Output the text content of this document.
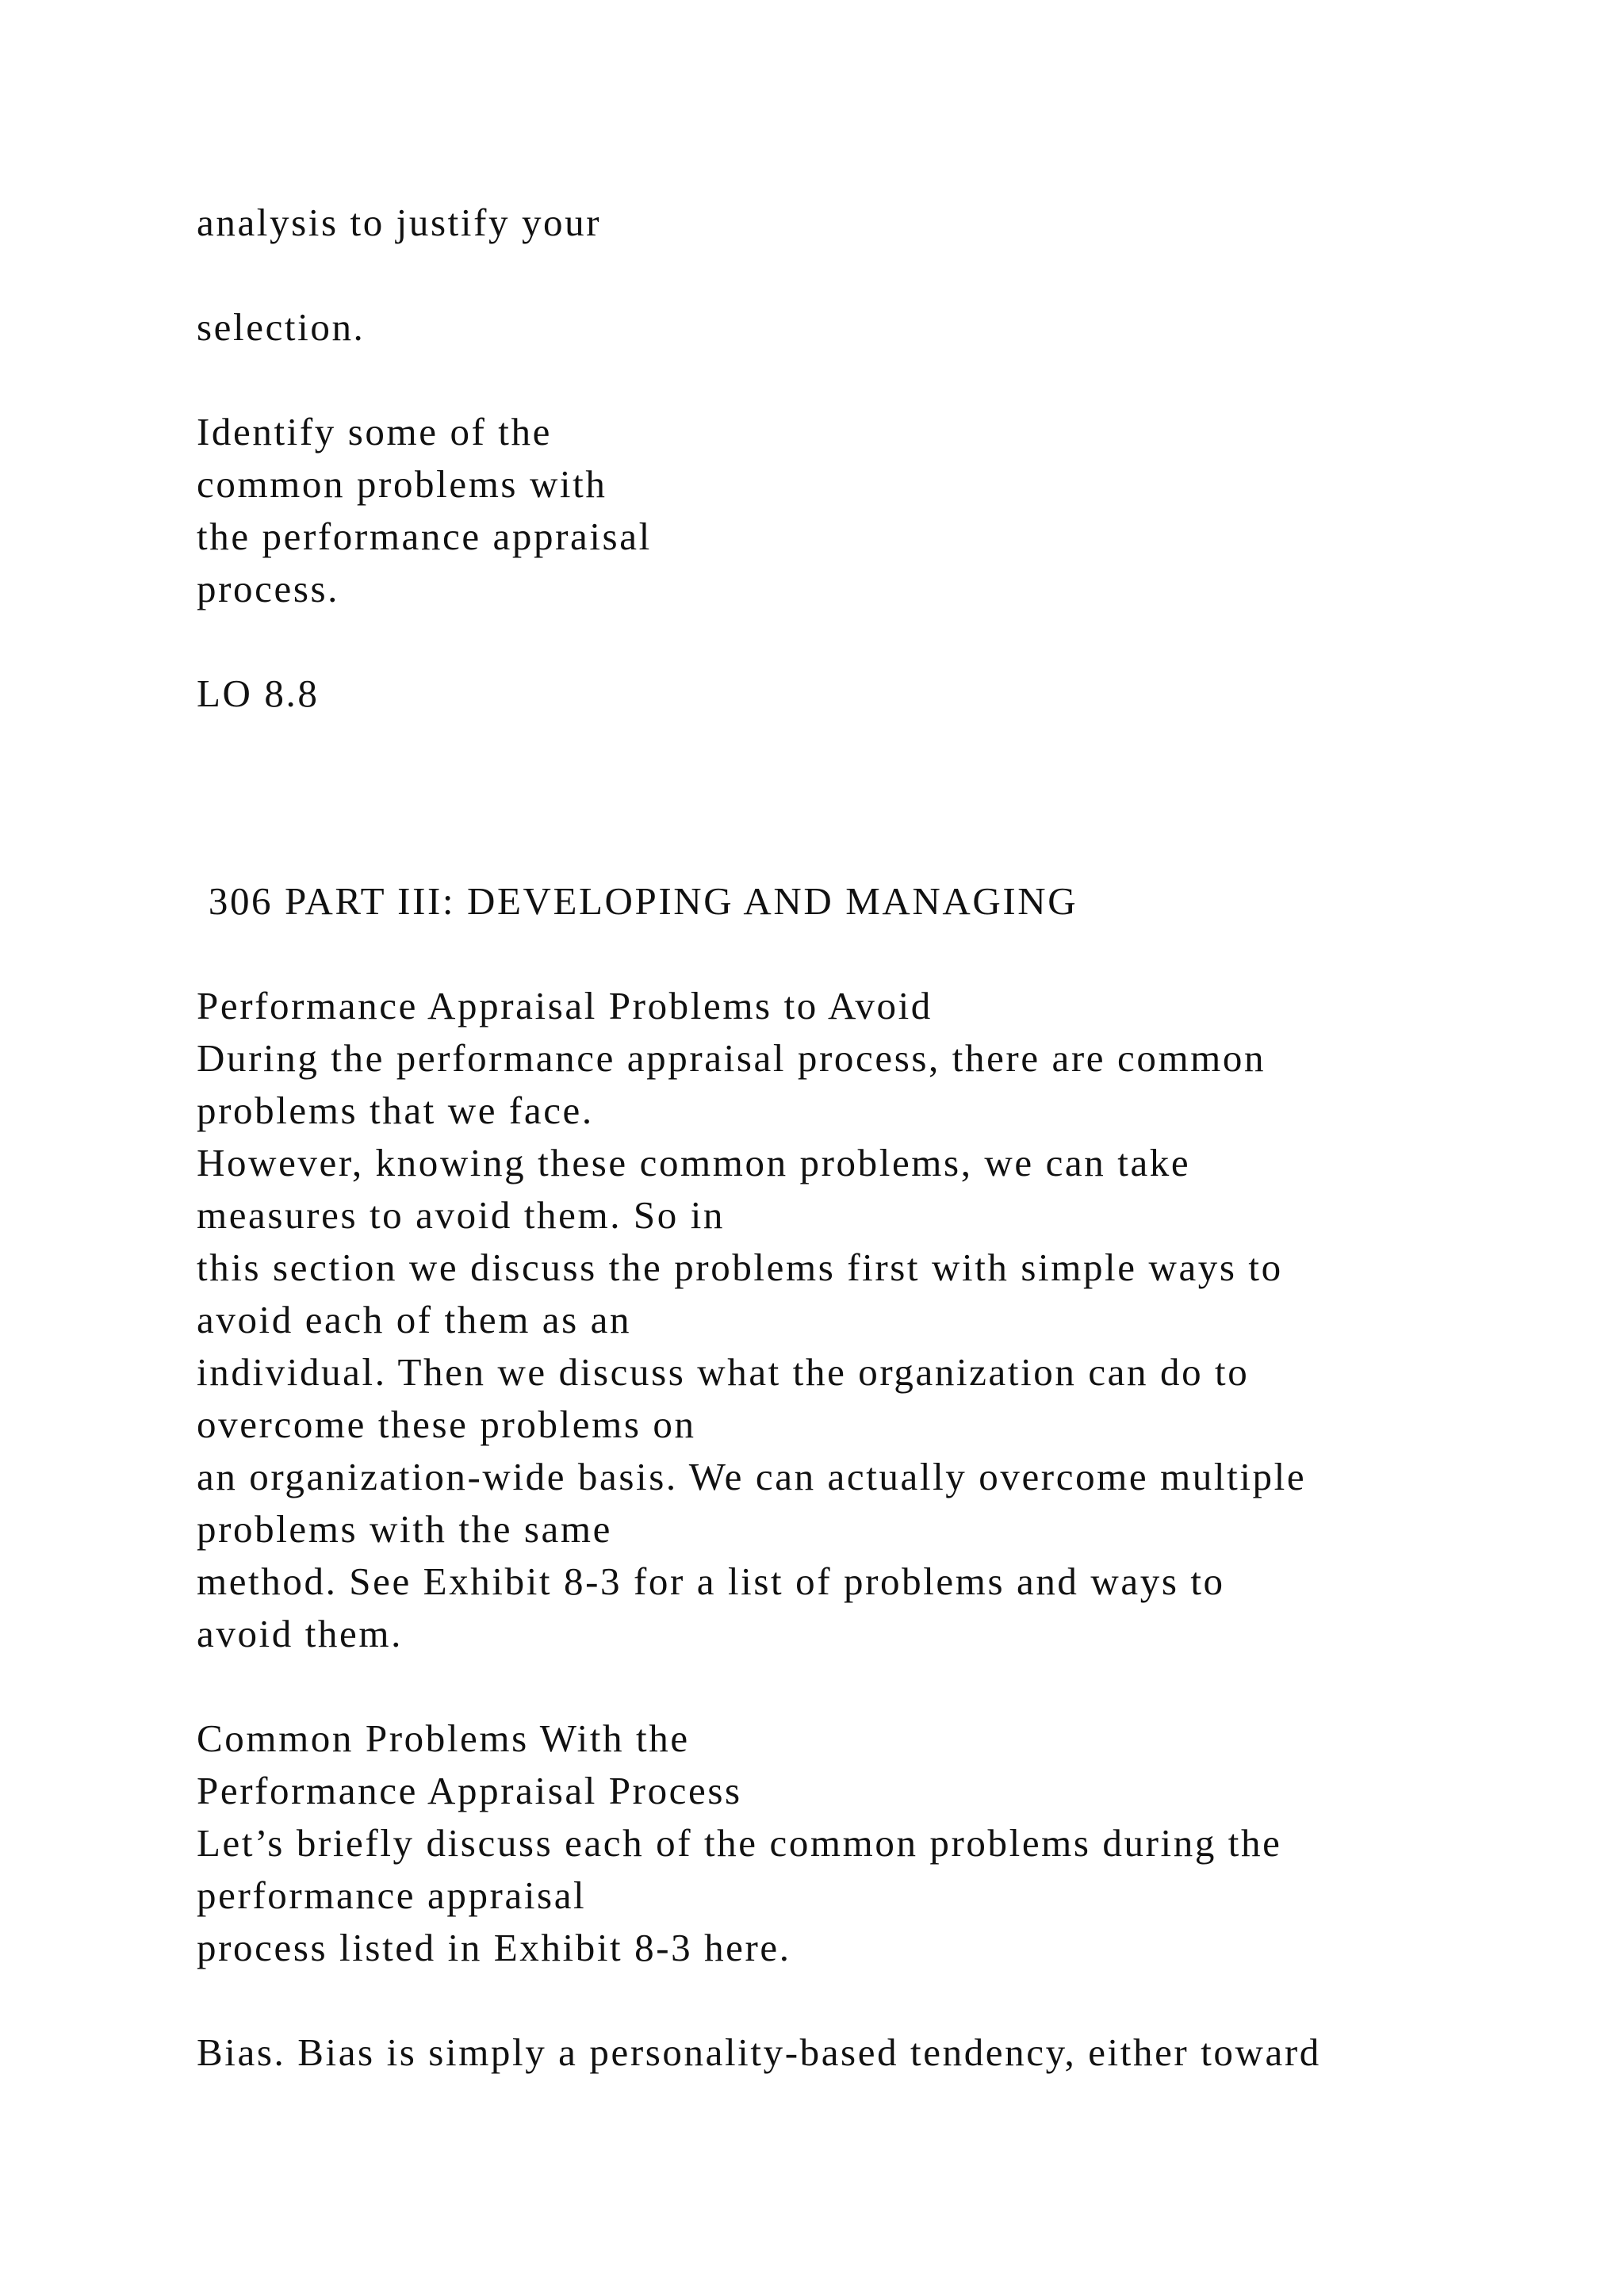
analysis to justify your
selection.
Identify some of the
common problems with
the performance appraisal
process.
LO 8.8
306 PART III: DEVELOPING AND MANAGING
Performance Appraisal Problems to Avoid
During the performance appraisal process, there are common
problems that we face.
However, knowing these common problems, we can take
measures to avoid them. So in
this section we discuss the problems first with simple ways to
avoid each of them as an
individual. Then we discuss what the organization can do to
overcome these problems on
an organization-wide basis. We can actually overcome multiple
problems with the same
method. See Exhibit 8-3 for a list of problems and ways to
avoid them.
Common Problems With the
Performance Appraisal Process
Let’s briefly discuss each of the common problems during the
performance appraisal
process listed in Exhibit 8-3 here.
Bias. Bias is simply a personality-based tendency, either toward
